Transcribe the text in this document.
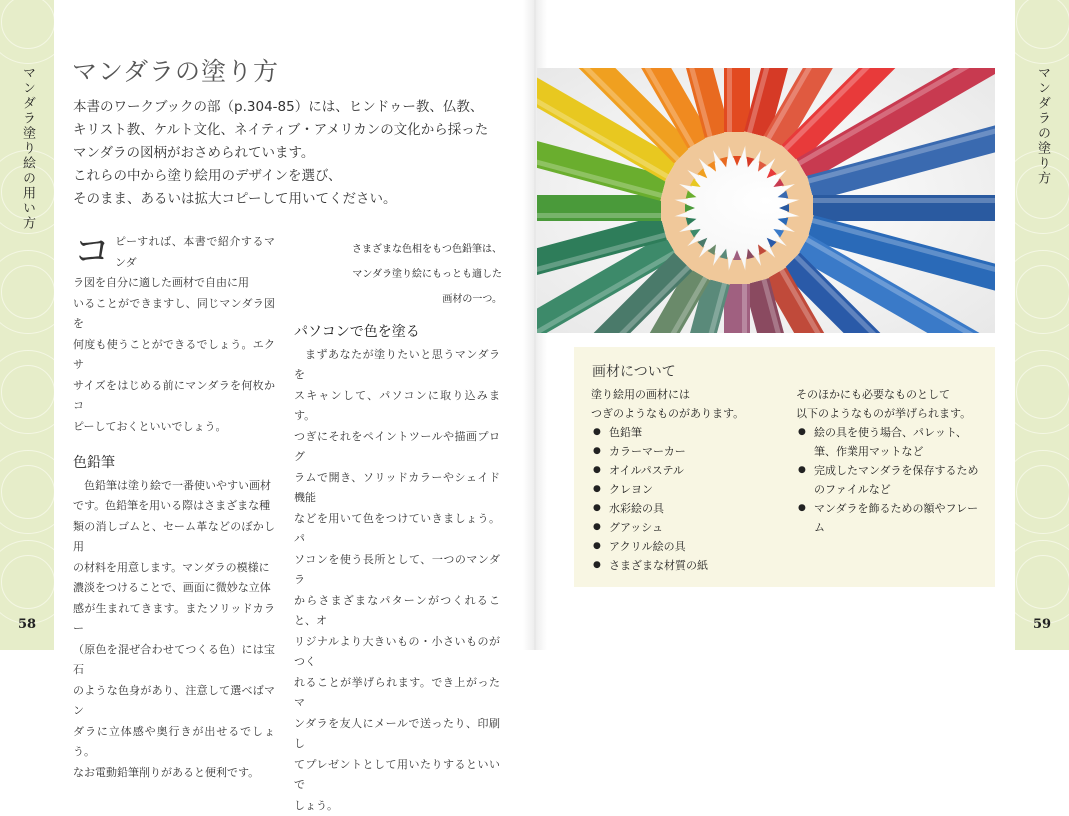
マンダラ塗り絵の用い方
58
マンダラの塗り方
59
マンダラの塗り方

本書のワークブックの部（p.304-85）には、ヒンドゥー教、仏教、

キリスト教、ケルト文化、ネイティブ・アメリカンの文化から採った

マンダラの図柄がおさめられています。

これらの中から塗り絵用のデザインを選び、

そのまま、あるいは拡大コピーして用いてください。

コ ピーすれば、本書で紹介するマンダ

ラ図を自分に適した画材で自由に用

いることができますし、同じマンダラ図を

何度も使うことができるでしょう。エクサ

サイズをはじめる前にマンダラを何枚かコ

ピーしておくといいでしょう。

色鉛筆

色鉛筆は塗り絵で一番使いやすい画材

です。色鉛筆を用いる際はさまざまな種

類の消しゴムと、セーム革などのぼかし用

の材料を用意します。マンダラの模様に

濃淡をつけることで、画面に微妙な立体

感が生まれてきます。またソリッドカラー

（原色を混ぜ合わせてつくる色）には宝石

のような色身があり、注意して選べばマン

ダラに立体感や奥行きが出せるでしょう。

なお電動鉛筆削りがあると便利です。

さまざまな色相をもつ色鉛筆は、

マンダラ塗り絵にもっとも適した

画材の一つ。

パソコンで色を塗る

まずあなたが塗りたいと思うマンダラを

スキャンして、パソコンに取り込みます。

つぎにそれをペイントツールや描画プログ

ラムで開き、ソリッドカラーやシェイド機能

などを用いて色をつけていきましょう。パ

ソコンを使う長所として、一つのマンダラ

からさまざまなパターンがつくれること、オ

リジナルより大きいもの・小さいものがつく

れることが挙げられます。でき上がったマ

ンダラを友人にメールで送ったり、印刷し

てプレゼントとして用いたりするといいで

しょう。

画材について

塗り絵用の画材には

つぎのようなものがあります。

● 色鉛筆
● カラーマーカー
● オイルパステル
● クレヨン
● 水彩絵の具
● グアッシュ
● アクリル絵の具
● さまざまな材質の紙

そのほかにも必要なものとして

以下のようなものが挙げられます。

● 絵の具を使う場合、パレット、筆、作業用マットなど
● 完成したマンダラを保存するためのファイルなど
● マンダラを飾るための額やフレーム
